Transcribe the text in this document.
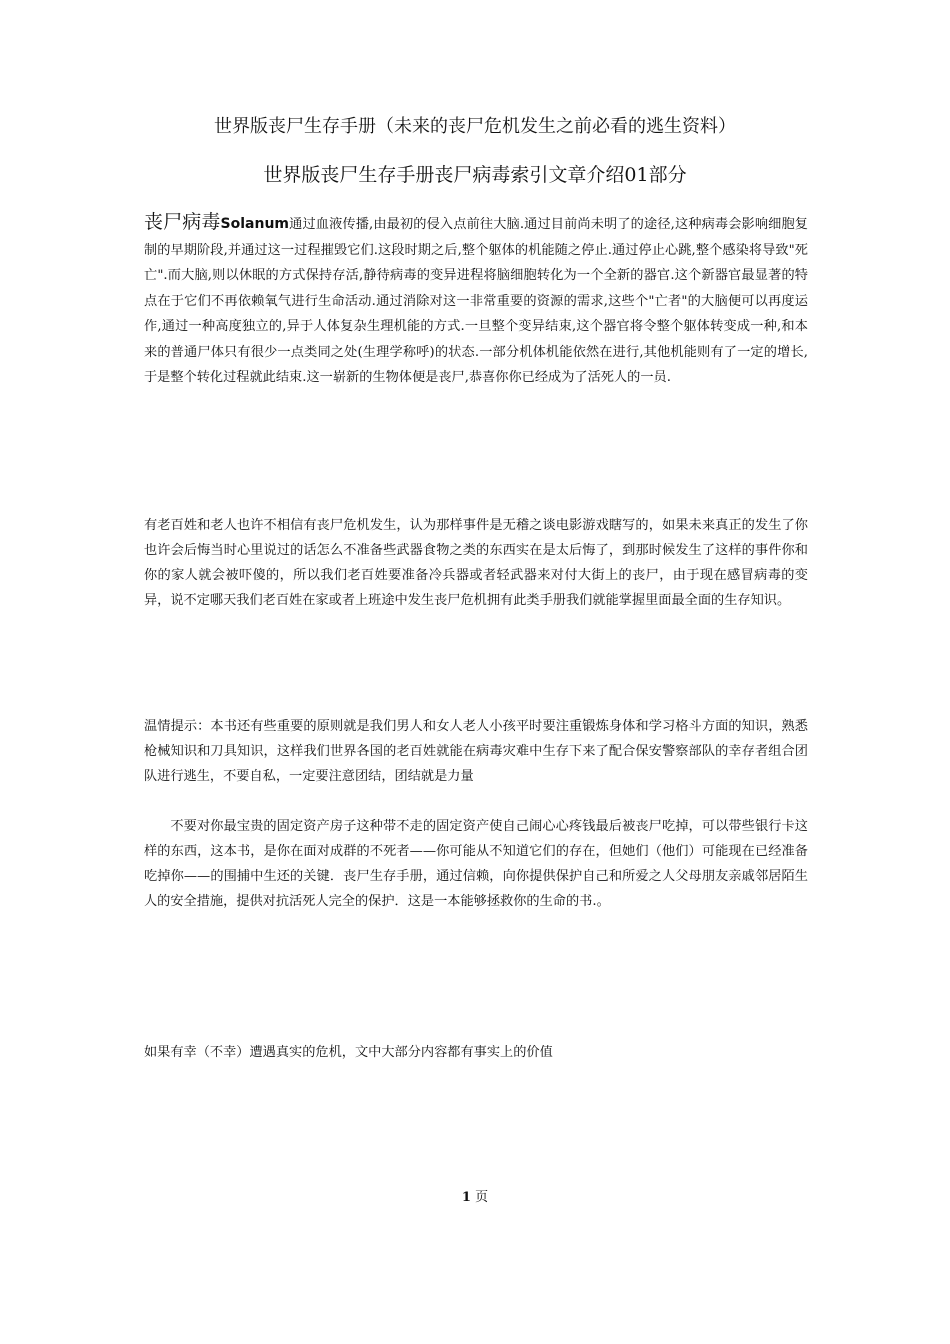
世界版丧尸生存手册（未来的丧尸危机发生之前必看的逃生资料）
世界版丧尸生存手册丧尸病毒索引文章介绍01部分
丧尸病毒Solanum通过血液传播,由最初的侵入点前往大脑.通过目前尚未明了的途径,这种病毒会影响细胞复制的早期阶段,并通过这一过程摧毁它们.这段时期之后,整个躯体的机能随之停止.通过停止心跳,整个感染将导致"死亡".而大脑,则以休眠的方式保持存活,静待病毒的变异进程将脑细胞转化为一个全新的器官.这个新器官最显著的特点在于它们不再依赖氧气进行生命活动.通过消除对这一非常重要的资源的需求,这些个"亡者"的大脑便可以再度运作,通过一种高度独立的,异于人体复杂生理机能的方式.一旦整个变异结束,这个器官将令整个躯体转变成一种,和本来的普通尸体只有很少一点类同之处(生理学称呼)的状态.一部分机体机能依然在进行,其他机能则有了一定的增长,于是整个转化过程就此结束.这一崭新的生物体便是丧尸,恭喜你你已经成为了活死人的一员.
有老百姓和老人也许不相信有丧尸危机发生，认为那样事件是无稽之谈电影游戏瞎写的，如果未来真正的发生了你也许会后悔当时心里说过的话怎么不准备些武器食物之类的东西实在是太后悔了，到那时候发生了这样的事件你和你的家人就会被吓傻的，所以我们老百姓要准备冷兵器或者轻武器来对付大街上的丧尸，由于现在感冒病毒的变异，说不定哪天我们老百姓在家或者上班途中发生丧尸危机拥有此类手册我们就能掌握里面最全面的生存知识。
温情提示：本书还有些重要的原则就是我们男人和女人老人小孩平时要注重锻炼身体和学习格斗方面的知识，熟悉枪械知识和刀具知识，这样我们世界各国的老百姓就能在病毒灾难中生存下来了配合保安警察部队的幸存者组合团队进行逃生，不要自私，一定要注意团结，团结就是力量
不要对你最宝贵的固定资产房子这种带不走的固定资产使自己闹心心疼钱最后被丧尸吃掉，可以带些银行卡这样的东西，这本书，是你在面对成群的不死者——你可能从不知道它们的存在，但她们（他们）可能现在已经准备吃掉你——的围捕中生还的关键．丧尸生存手册，通过信赖，向你提供保护自己和所爱之人父母朋友亲戚邻居陌生人的安全措施，提供对抗活死人完全的保护．这是一本能够拯救你的生命的书.。
如果有幸（不幸）遭遇真实的危机，文中大部分内容都有事实上的价值
1 页
